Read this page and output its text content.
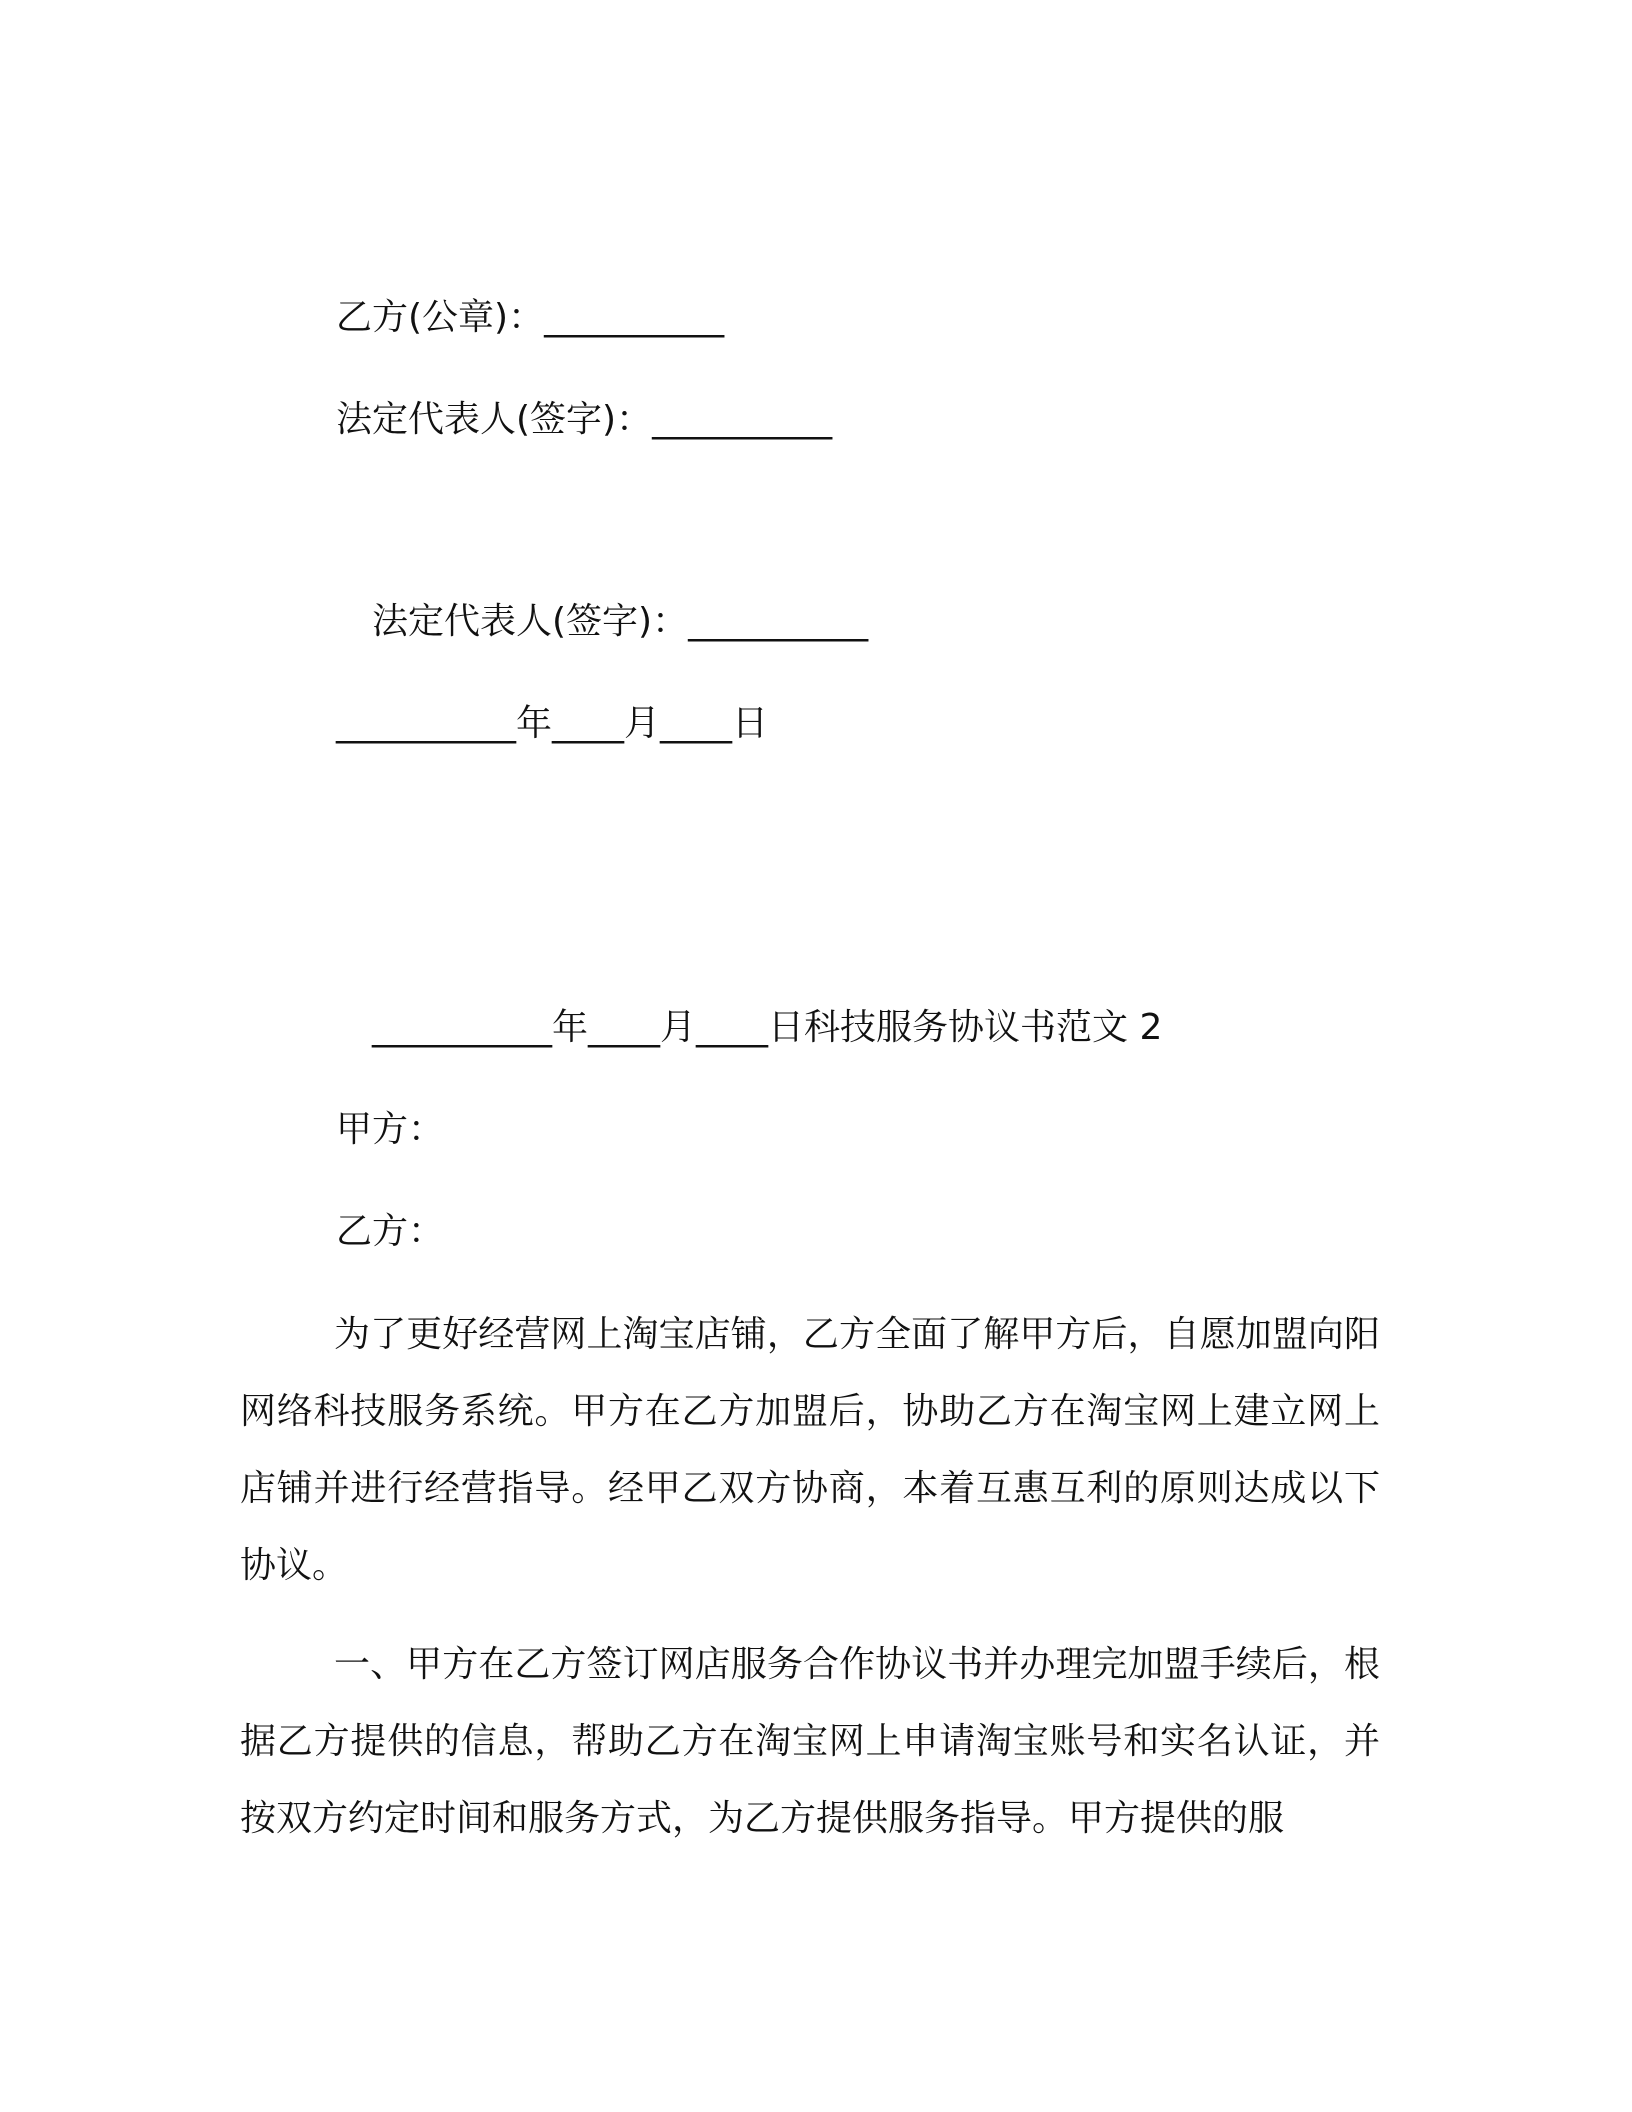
乙方(公章)：__________
法定代表人(签字)：__________
法定代表人(签字)：__________
__________年____月____日
__________年____月____日科技服务协议书范文 2
甲方：
乙方：
为了更好经营网上淘宝店铺，乙方全面了解甲方后，自愿加盟向阳网络科技服务系统。甲方在乙方加盟后，协助乙方在淘宝网上建立网上店铺并进行经营指导。经甲乙双方协商，本着互惠互利的原则达成以下协议。
一、甲方在乙方签订网店服务合作协议书并办理完加盟手续后，根据乙方提供的信息，帮助乙方在淘宝网上申请淘宝账号和实名认证，并按双方约定时间和服务方式，为乙方提供服务指导。甲方提供的服
